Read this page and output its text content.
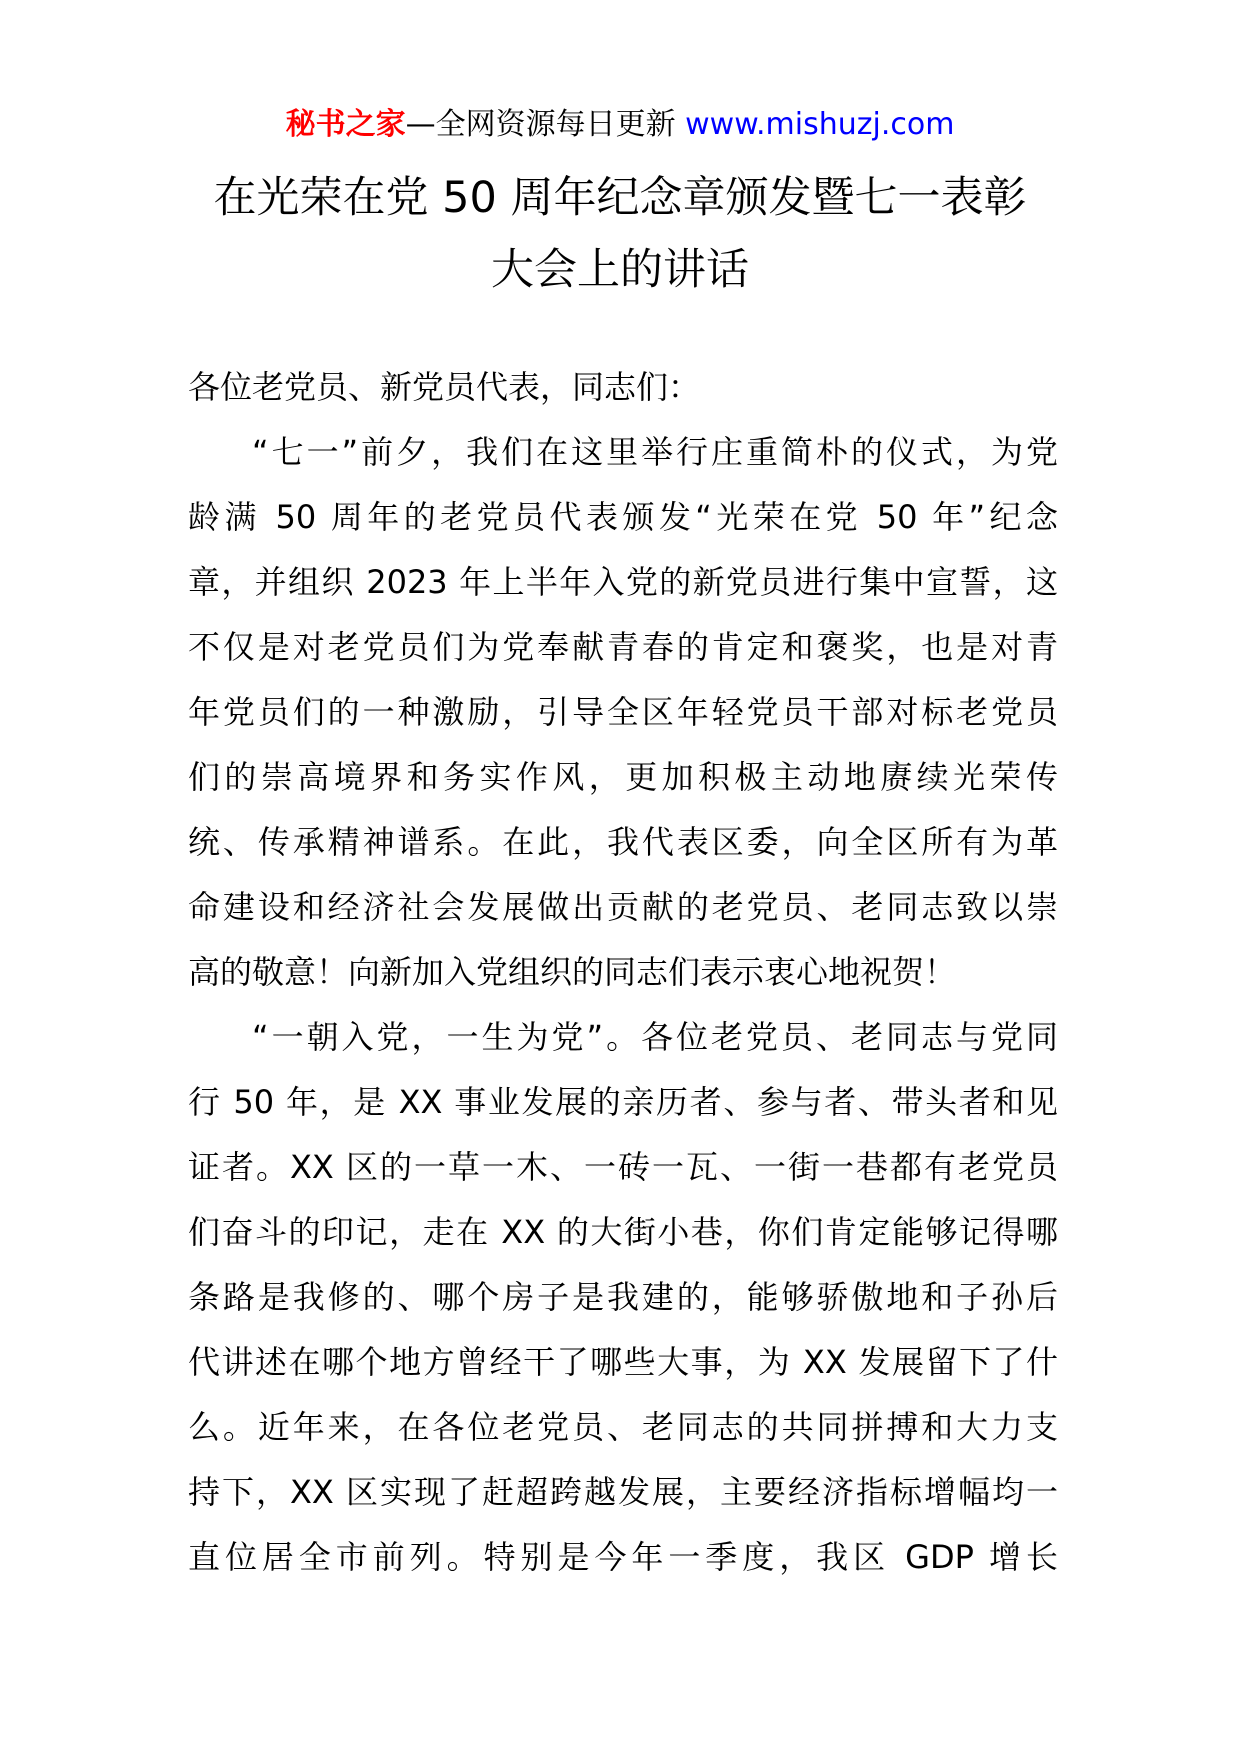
秘书之家—全网资源每日更新 www.mishuzj.com
在光荣在党 50 周年纪念章颁发暨七一表彰
大会上的讲话
各位老党员、新党员代表，同志们：
“七一”前夕，我们在这里举行庄重简朴的仪式，为党
龄满 50 周年的老党员代表颁发“光荣在党 50 年”纪念
章，并组织 2023 年上半年入党的新党员进行集中宣誓，这
不仅是对老党员们为党奉献青春的肯定和褒奖，也是对青
年党员们的一种激励，引导全区年轻党员干部对标老党员
们的崇高境界和务实作风，更加积极主动地赓续光荣传
统、传承精神谱系。在此，我代表区委，向全区所有为革
命建设和经济社会发展做出贡献的老党员、老同志致以崇
高的敬意！向新加入党组织的同志们表示衷心地祝贺！
“一朝入党，一生为党”。各位老党员、老同志与党同
行 50 年，是 XX 事业发展的亲历者、参与者、带头者和见
证者。XX 区的一草一木、一砖一瓦、一街一巷都有老党员
们奋斗的印记，走在 XX 的大街小巷，你们肯定能够记得哪
条路是我修的、哪个房子是我建的，能够骄傲地和子孙后
代讲述在哪个地方曾经干了哪些大事，为 XX 发展留下了什
么。近年来，在各位老党员、老同志的共同拼搏和大力支
持下，XX 区实现了赶超跨越发展，主要经济指标增幅均一
直位居全市前列。特别是今年一季度，我区 GDP 增长
